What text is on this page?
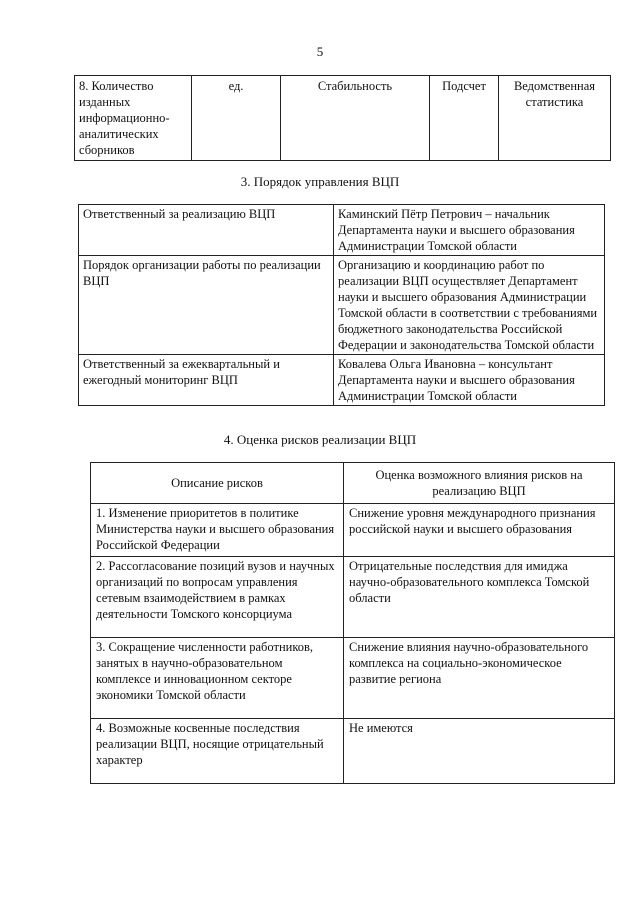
5
8. Количество изданных информационно-аналитических сборников	ед.	Стабильность	Подсчет	Ведомственная статистика
3. Порядок управления ВЦП
Ответственный за реализацию ВЦП	Каминский Пётр Петрович – начальник Департамента науки и высшего образования Администрации Томской области
Порядок организации работы по реализации ВЦП	Организацию и координацию работ по реализации ВЦП осуществляет Департамент науки и высшего образования Администрации Томской области в соответствии с требованиями бюджетного законодательства Российской Федерации и законодательства Томской области
Ответственный за ежеквартальный и ежегодный мониторинг ВЦП	Ковалева Ольга Ивановна – консультант Департамента науки и высшего образования Администрации Томской области
4. Оценка рисков реализации ВЦП
Описание рисков	Оценка возможного влияния рисков на реализацию ВЦП
1. Изменение приоритетов в политике Министерства науки и высшего образования Российской Федерации	Снижение уровня международного признания российской науки и высшего образования
2. Рассогласование позиций вузов и научных организаций по вопросам управления сетевым взаимодействием в рамках деятельности Томского консорциума	Отрицательные последствия для имиджа научно-образовательного комплекса Томской области
3. Сокращение численности работников, занятых в научно-образовательном комплексе и инновационном секторе экономики Томской области	Снижение влияния научно-образовательного комплекса на социально-экономическое развитие региона
4. Возможные косвенные последствия реализации ВЦП, носящие отрицательный характер	Не имеются
